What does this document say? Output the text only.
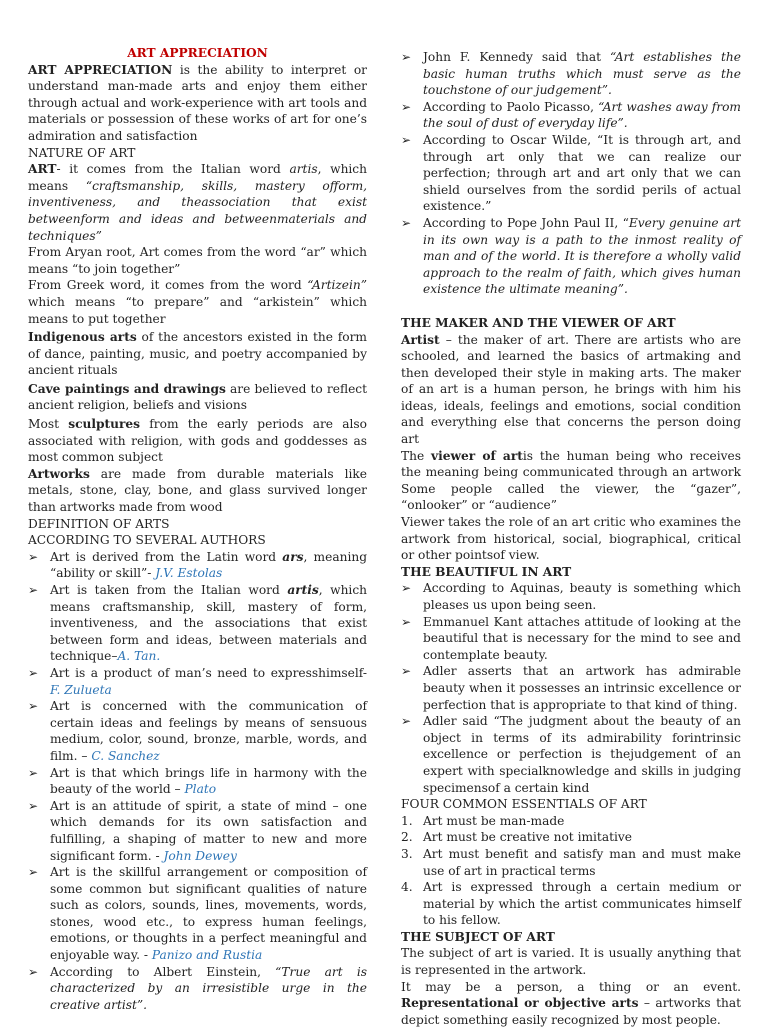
ART APPRECIATION

ART APPRECIATION is the ability to interpret or understand man-made arts and enjoy them either through actual and work-experience with art tools and materials or possession of these works of art for one’s admiration and satisfaction

NATURE OF ART

ART- it comes from the Italian word artis, which means “craftsmanship, skills, mastery ofform, inventiveness, and theassociation that exist betweenform and ideas and betweenmaterials and techniques”

From Aryan root, Art comes from the word “ar” which means “to join together”

From Greek word, it comes from the word “Artizein” which means “to prepare” and “arkistein” which means to put together

Indigenous arts of the ancestors existed in the form of dance, painting, music, and poetry accompanied by ancient rituals

Cave paintings and drawings are believed to reflect ancient religion, beliefs and visions

Most sculptures from the early periods are also associated with religion, with gods and goddesses as most common subject

Artworks are made from durable materials like metals, stone, clay, bone, and glass survived longer than artworks made from wood

DEFINITION OF ARTS

ACCORDING TO SEVERAL AUTHORS

➢ Art is derived from the Latin word ars, meaning “ability or skill”- J.V. Estolas
➢ Art is taken from the Italian word artis, which means craftsmanship, skill, mastery of form, inventiveness, and the associations that exist between form and ideas, between materials and technique–A. Tan.
➢ Art is a product of man’s need to expresshimself- F. Zulueta
➢ Art is concerned with the communication of certain ideas and feelings by means of sensuous medium, color, sound, bronze, marble, words, and film. – C. Sanchez
➢ Art is that which brings life in harmony with the beauty of the world – Plato
➢ Art is an attitude of spirit, a state of mind – one which demands for its own satisfaction and fulfilling, a shaping of matter to new and more significant form. - John Dewey
➢ Art is the skillful arrangement or composition of some common but significant qualities of nature such as colors, sounds, lines, movements, words, stones, wood etc., to express human feelings, emotions, or thoughts in a perfect meaningful and enjoyable way. - Panizo and Rustia
➢ According to Albert Einstein, “True art is characterized by an irresistible urge in the creative artist”.
➢ John F. Kennedy said that “Art establishes the basic human truths which must serve as the touchstone of our judgement”.
➢ According to Paolo Picasso, “Art washes away from the soul of dust of everyday life”.
➢ According to Oscar Wilde, “It is through art, and through art only that we can realize our perfection; through art and art only that we can shield ourselves from the sordid perils of actual existence.”
➢ According to Pope John Paul II, “Every genuine art in its own way is a path to the inmost reality of man and of the world. It is therefore a wholly valid approach to the realm of faith, which gives human existence the ultimate meaning”.

THE MAKER AND THE VIEWER OF ART

Artist – the maker of art. There are artists who are schooled, and learned the basics of artmaking and then developed their style in making arts. The maker of an art is a human person, he brings with him his ideas, ideals, feelings and emotions, social condition and everything else that concerns the person doing art

The viewer of artis the human being who receives the meaning being communicated through an artwork Some people called the viewer, the “gazer”, “onlooker” or “audience”

Viewer takes the role of an art critic who examines the artwork from historical, social, biographical, critical or other pointsof view.

THE BEAUTIFUL IN ART

➢ According to Aquinas, beauty is something which pleases us upon being seen.
➢ Emmanuel Kant attaches attitude of looking at the beautiful that is necessary for the mind to see and contemplate beauty.
➢ Adler asserts that an artwork has admirable beauty when it possesses an intrinsic excellence or perfection that is appropriate to that kind of thing.
➢ Adler said “The judgment about the beauty of an object in terms of its admirability forintrinsic excellence or perfection is thejudgement of an expert with specialknowledge and skills in judging specimensof a certain kind

FOUR COMMON ESSENTIALS OF ART

1. Art must be man-made
2. Art must be creative not imitative
3. Art must benefit and satisfy man and must make use of art in practical terms
4. Art is expressed through a certain medium or material by which the artist communicates himself to his fellow.

THE SUBJECT OF ART

The subject of art is varied. It is usually anything that is represented in the artwork.

It may be a person, a thing or an event. Representational or objective arts – artworks that depict something easily recognized by most people.
